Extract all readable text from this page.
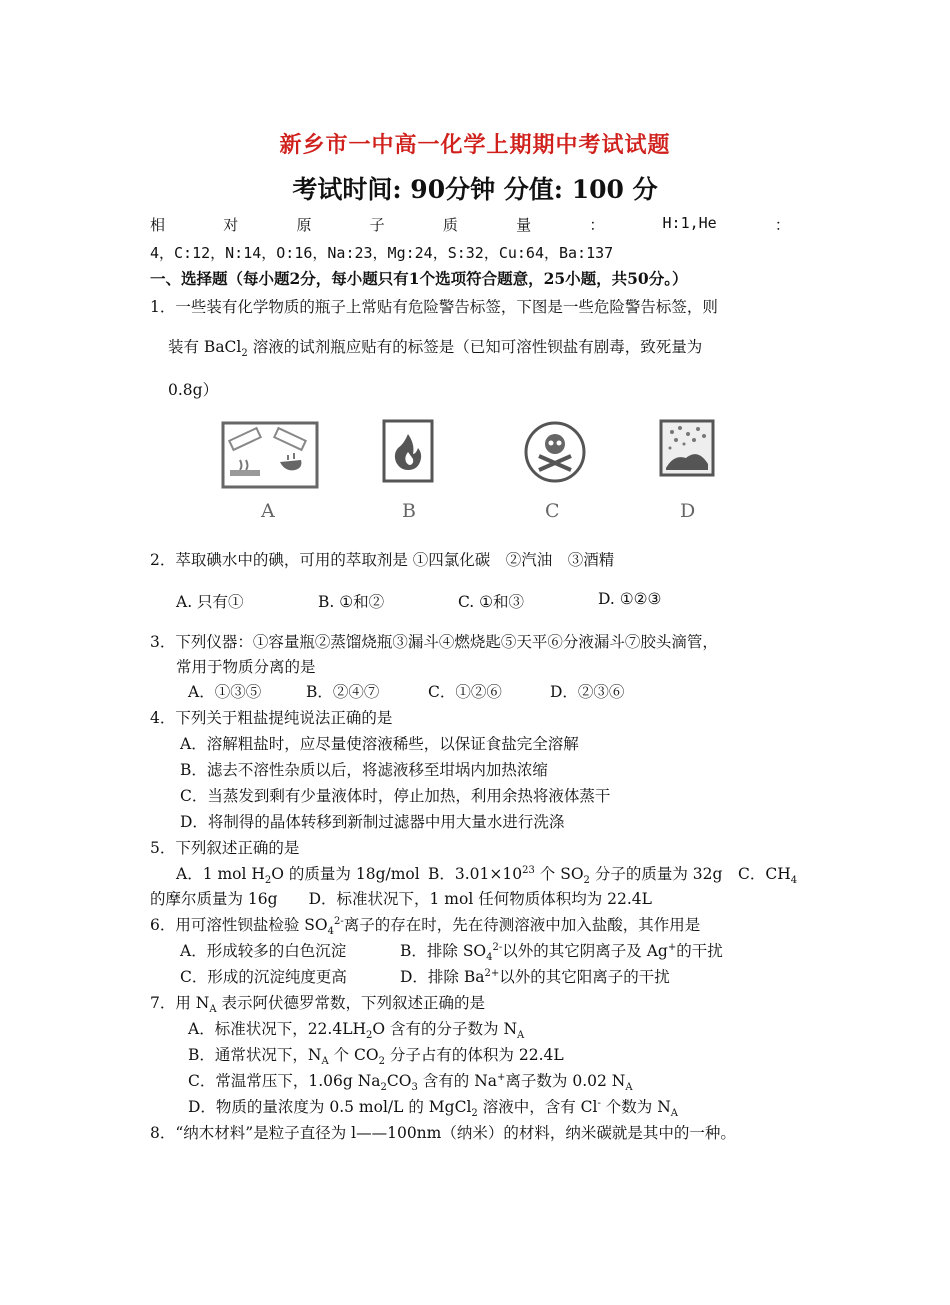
新乡市一中高一化学上期期中考试试题
考试时间: 90分钟 分值: 100 分
相	对	原	子	质	量	：	H:1,He	：
4，C:12，N:14，O:16，Na:23，Mg:24，S:32，Cu:64，Ba:137
一、选择题（每小题2分，每小题只有1个选项符合题意，25小题，共50分。）
1．一些装有化学物质的瓶子上常贴有危险警告标签，下图是一些危险警告标签，则
装有 BaCl$_2$ 溶液的试剂瓶应贴有的标签是（已知可溶性钡盐有剧毒，致死量为
0.8g）
A	B	C	D
2．萃取碘水中的碘，可用的萃取剂是 ①四氯化碳　②汽油　③酒精
A. 只有①	B. ①和②	C. ①和③	D. ①②③
3．下列仪器：①容量瓶②蒸馏烧瓶③漏斗④燃烧匙⑤天平⑥分液漏斗⑦胶头滴管，
常用于物质分离的是
A．①③⑤	B．②④⑦	C．①②⑥	D．②③⑥
4．下列关于粗盐提纯说法正确的是
A．溶解粗盐时，应尽量使溶液稀些，以保证食盐完全溶解
B．滤去不溶性杂质以后，将滤液移至坩埚内加热浓缩
C．当蒸发到剩有少量液体时，停止加热，利用余热将液体蒸干
D．将制得的晶体转移到新制过滤器中用大量水进行洗涤
5．下列叙述正确的是
A．1 mol $H_2O$ 的质量为 18g/mol B．$3.01\times 10^{23}$ 个 $SO_2$ 分子的质量为 32g C．$CH_4$
的摩尔质量为 16g　　D．标准状况下，1 mol 任何物质体积均为 22.4L
6．用可溶性钡盐检验 $SO_4^{2-}$离子的存在时，先在待测溶液中加入盐酸，其作用是
A．形成较多的白色沉淀	B．排除 $SO_4^{2-}$以外的其它阴离子及 Ag+的干扰
C．形成的沉淀纯度更高	D．排除 $Ba^{2+}$以外的其它阳离子的干扰
7．用 $N_A$ 表示阿伏德罗常数，下列叙述正确的是
A．标准状况下，$22.4LH_2O$ 含有的分子数为 $N_A$
B．通常状况下，$N_A$ 个 $CO_2$ 分子占有的体积为 22.4L
C．常温常压下，1.06g $Na_2CO_3$ 含有的 Na+离子数为 0.02 $N_A$
D．物质的量浓度为 0.5 mol/L 的 MgCl$_2$ 溶液中，含有 Cl- 个数为 $N_A$
8．“纳木材料”是粒子直径为 l——100nm（纳米）的材料，纳米碳就是其中的一种。
